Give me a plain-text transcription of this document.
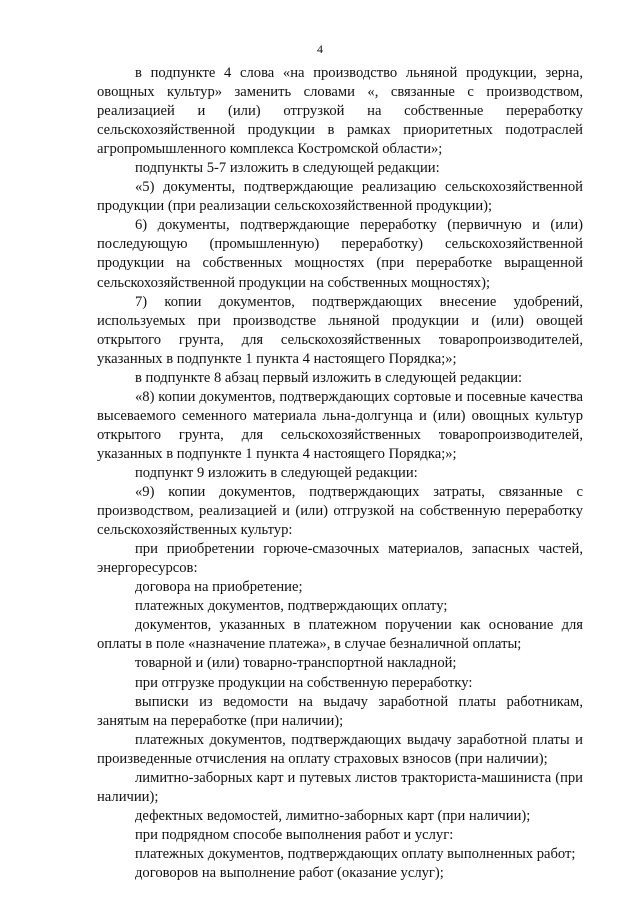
4

в подпункте 4 слова «на производство льняной продукции, зерна, овощных культур» заменить словами «, связанные с производством, реализацией и (или) отгрузкой на собственные переработку сельскохозяйственной продукции в рамках приоритетных подотраслей агропромышленного комплекса Костромской области»;

подпункты 5-7 изложить в следующей редакции:

«5) документы, подтверждающие реализацию сельскохозяйственной продукции (при реализации сельскохозяйственной продукции);

6) документы, подтверждающие переработку (первичную и (или) последующую (промышленную) переработку) сельскохозяйственной продукции на собственных мощностях (при переработке выращенной сельскохозяйственной продукции на собственных мощностях);

7) копии документов, подтверждающих внесение удобрений, используемых при производстве льняной продукции и (или) овощей открытого грунта, для сельскохозяйственных товаропроизводителей, указанных в подпункте 1 пункта 4 настоящего Порядка;»;

в подпункте 8 абзац первый изложить в следующей редакции:

«8) копии документов, подтверждающих сортовые и посевные качества высеваемого семенного материала льна-долгунца и (или) овощных культур открытого грунта, для сельскохозяйственных товаропроизводителей, указанных в подпункте 1 пункта 4 настоящего Порядка;»;

подпункт 9 изложить в следующей редакции:

«9) копии документов, подтверждающих затраты, связанные с производством, реализацией и (или) отгрузкой на собственную переработку сельскохозяйственных культур:

при приобретении горюче-смазочных материалов, запасных частей, энергоресурсов:

договора на приобретение;

платежных документов, подтверждающих оплату;

документов, указанных в платежном поручении как основание для оплаты в поле «назначение платежа», в случае безналичной оплаты;

товарной и (или) товарно-транспортной накладной;

при отгрузке продукции на собственную переработку:

выписки из ведомости на выдачу заработной платы работникам, занятым на переработке (при наличии);

платежных документов, подтверждающих выдачу заработной платы и произведенные отчисления на оплату страховых взносов (при наличии);

лимитно-заборных карт и путевых листов тракториста-машиниста (при наличии);

дефектных ведомостей, лимитно-заборных карт (при наличии);

при подрядном способе выполнения работ и услуг:

платежных документов, подтверждающих оплату выполненных работ;

договоров на выполнение работ (оказание услуг);
